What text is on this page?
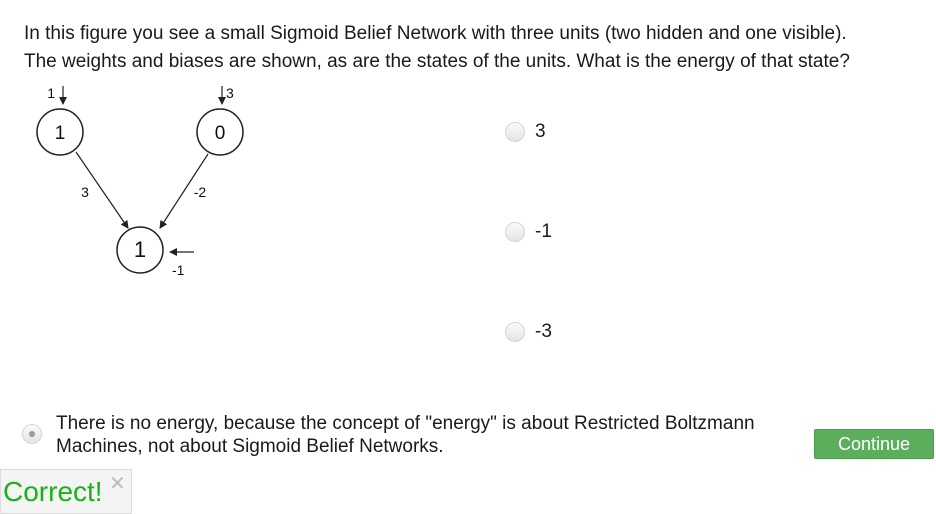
In this figure you see a small Sigmoid Belief Network with three units (two hidden and one visible).

The weights and biases are shown, as are the states of the units. What is the energy of that state?

1	0
1
1	3
-1
3	-2
3
-1
-3
There is no energy, because the concept of "energy" is about Restricted Boltzmann Machines, not about Sigmoid Belief Networks.	Continue
Correct! ✕
